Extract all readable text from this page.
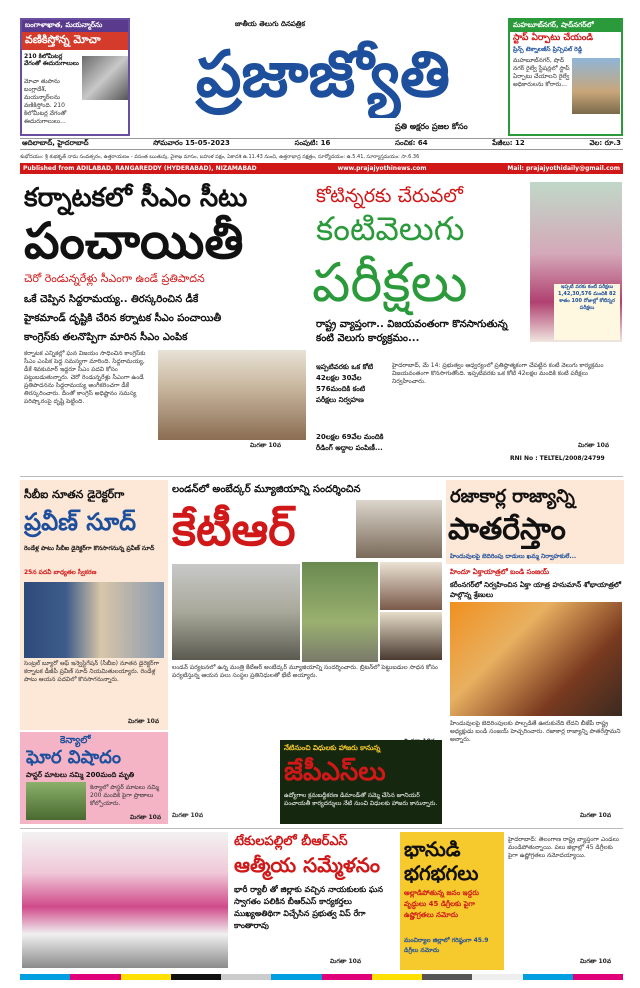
బంగాళాఖాత, మయన్మార్‌ను
వణికిస్తోన్న మోచా
210 కిలోమీటర్ల వేగంతో ఈదురుగాలులు
మోచా తుపాను బంగ్లాదేశ్, మయన్మార్‌లను వణికిస్తోంది. 210 కిలోమీటర్ల వేగంతో ఈదురుగాలులు...
జాతీయ తెలుగు దినపత్రిక
ప్రజాజ్యోతి
ప్రతి అక్షరం ప్రజల కోసం
మహబూబ్‌నగర్, షాద్‌నగర్‌లో
స్టాప్ ఏర్పాటు చేయండి
ప్రిన్స్ టెక్నాలజీస్ ప్రిన్సిపల్ రెడ్డి
మహబూబ్‌నగర్, షాద్ నగర్ రైల్వే స్టేషన్లలో స్టాప్ ఏర్పాటు చేయాలని రైల్వే అధికారులను కోరారు...
ఆదిలాబాద్, హైదరాబాద్	సోమవారం 15-05-2023	సంపుటి: 16	సంచిక: 64	పేజీలు: 12	వెల: రూ.3
శుభోదయం: శ్రీ శుభకృత్ నామ సంవత్సరం, ఉత్తరాయణం - వసంత ఋతువు, వైశాఖ మాసం, బహుళ పక్షం, ఏకాదశి ఉ.11.43 నుంచి, ఉత్తరాభాద్ర నక్షత్రం, సూర్యోదయం: ఉ.5.41, సూర్యాస్తమయం: సా.6.36
Published from ADILABAD, RANGAREDDY (HYDERABAD), NIZAMABAD	www.prajajyothinews.com	Mail: prajajyothidaily@gmail.com
కర్నాటకలో సీఎం సీటు
పంచాయితీ
చెరో రెండున్నరేళ్లు సీఎంగా ఉండే ప్రతిపాదన
ఒకే చెప్పిన సిద్దరామయ్య.. తిరస్కరించిన డీకే
హైకమాండ్ దృష్టికి చేరిన కర్నాటక సీఎం పంచాయితీ
కాంగ్రెస్‌కు తలనొప్పిగా మారిన సీఎం ఎంపిక
కర్నాటక ఎన్నికల్లో ఘన విజయం సాధించిన కాంగ్రెస్‌కు సీఎం ఎంపిక పెద్ద సమస్యగా మారింది. సిద్దరామయ్య, డీకే శివకుమార్ ఇద్దరూ సీఎం పదవి కోసం పట్టుబడుతున్నారు. చెరో రెండున్నరేళ్లు సీఎంగా ఉండే ప్రతిపాదనను సిద్దరామయ్య అంగీకరించగా డీకే తిరస్కరించారు. దీంతో కాంగ్రెస్ అధిష్టానం సమస్య పరిష్కారంపై దృష్టి పెట్టింది.
మిగతా 10వ
కోటిన్నరకు చేరువలో
కంటివెలుగు
పరీక్షలు	ఇప్పటి వరకు కంటి పరీక్షలు 1,42,30,576 మందికి 82 శాతం 100 రోజుల్లో కోటిన్నర పరీక్షలు
రాష్ట్ర వ్యాప్తంగా.. విజయవంతంగా కొనసాగుతున్న కంటి వెలుగు కార్యక్రమం...
ఇప్పటివరకు ఒక కోటి 42లక్షల 30వేల 576మందికి కంటి పరీక్షలు నిర్వహణ
20లక్షల 69వేల మందికి రీడింగ్ అద్దాల పంపిణీ...
హైదరాబాద్, మే 14: ప్రభుత్వం ఆధ్వర్యంలో ప్రతిష్ఠాత్మకంగా చేపట్టిన కంటి వెలుగు కార్యక్రమం విజయవంతంగా కొనసాగుతోంది. ఇప్పటివరకు ఒక కోటి 42లక్షల మందికి కంటి పరీక్షలు నిర్వహించారు.
మిగతా 10వ
సీబీఐ నూతన డైరెక్టర్‌గా
ప్రవీణ్ సూద్
రెండేళ్ల పాటు సీబీఐ డైరెక్టర్‌గా కొనసాగనున్న ప్రవీణ్ సూద్
25న పదవీ బాధ్యతల స్వీకరణ
సెంట్రల్ బ్యూరో ఆఫ్ ఇన్వెస్టిగేషన్ (సీబీఐ) నూతన డైరెక్టర్‌గా కర్నాటక డీజీపీ ప్రవీణ్ సూద్ నియమితులయ్యారు. రెండేళ్ల పాటు ఆయన పదవిలో కొనసాగనున్నారు.
మిగతా 10వ
కెన్యాలో
ఘోర విషాదం
పాస్టర్ మాటలు నమ్మి 200మంది మృతి
కెన్యాలో పాస్టర్ మాటలు నమ్మి 200 మందికి పైగా ప్రాణాలు కోల్పోయారు.
మిగతా 10వ
లండన్‌లో అంబేద్కర్ మ్యూజియాన్ని సందర్శించిన
కేటీఆర్
లండన్ పర్యటనలో ఉన్న మంత్రి కేటీఆర్ అంబేద్కర్ మ్యూజియాన్ని సందర్శించారు. బ్రిటన్‌లో పెట్టుబడుల సాధన కోసం పర్యటిస్తున్న ఆయన పలు సంస్థల ప్రతినిధులతో భేటీ అయ్యారు.
నేటినుంచి విధులకు హాజరు కానున్న
జేపీఎస్‌లు
ఉద్యోగాల క్రమబద్దీకరణ డిమాండ్‌తో సమ్మె చేసిన జూనియర్ పంచాయతీ కార్యదర్శులు నేటి నుంచి విధులకు హాజరు కానున్నారు.
మిగతా 10వ
రజాకార్ల రాజ్యాన్ని
పాతరేస్తాం
హిందువులపై బెదిరింపు దాడులు ఖమ్మ నిర్వాహకులే...
హిందూ ఏక్తాయాత్రలో బండి సంజయ్
కరీంనగర్‌లో నిర్వహించిన ఏక్తా యాత్ర హనుమాన్ శోభాయాత్రలో పాల్గొన్న శ్రేణులు
హిందువులపై బెదిరింపులకు పాల్పడితే ఊరుకునేది లేదని బీజేపీ రాష్ట్ర అధ్యక్షుడు బండి సంజయ్ హెచ్చరించారు. రజాకార్ల రాజ్యాన్ని పాతరేస్తామని అన్నారు.
మిగతా 10వ
టేకులపల్లిలో బీఆర్ఎస్
ఆత్మీయ సమ్మేళనం
భారీ ర్యాలీ తో జిల్లాకు వచ్చిన నాయకులకు ఘన స్వాగతం పలికిన బీఆర్ఎస్ కార్యకర్తలు ముఖ్యఅతిథిగా విచ్చేసిన ప్రభుత్వ విప్ రేగా కాంతారావు
మిగతా 10వ
భానుడి
భగభగలు
అల్లాడిపోతున్న జనం ఇద్దరు వృద్ధులు 45 డిగ్రీలకు పైగా ఉష్ణోగ్రతలు నమోదు
మంచిర్యాల జిల్లాలో గరిష్ఠంగా 45.9 డిగ్రీలు నమోదు
హైదరాబాద్: తెలంగాణ రాష్ట్ర వ్యాప్తంగా ఎండలు మండిపోతున్నాయి. పలు జిల్లాల్లో 45 డిగ్రీలకు పైగా ఉష్ణోగ్రతలు నమోదయ్యాయి.
మిగతా 10వ
RNI No : TELTEL/2008/24799
